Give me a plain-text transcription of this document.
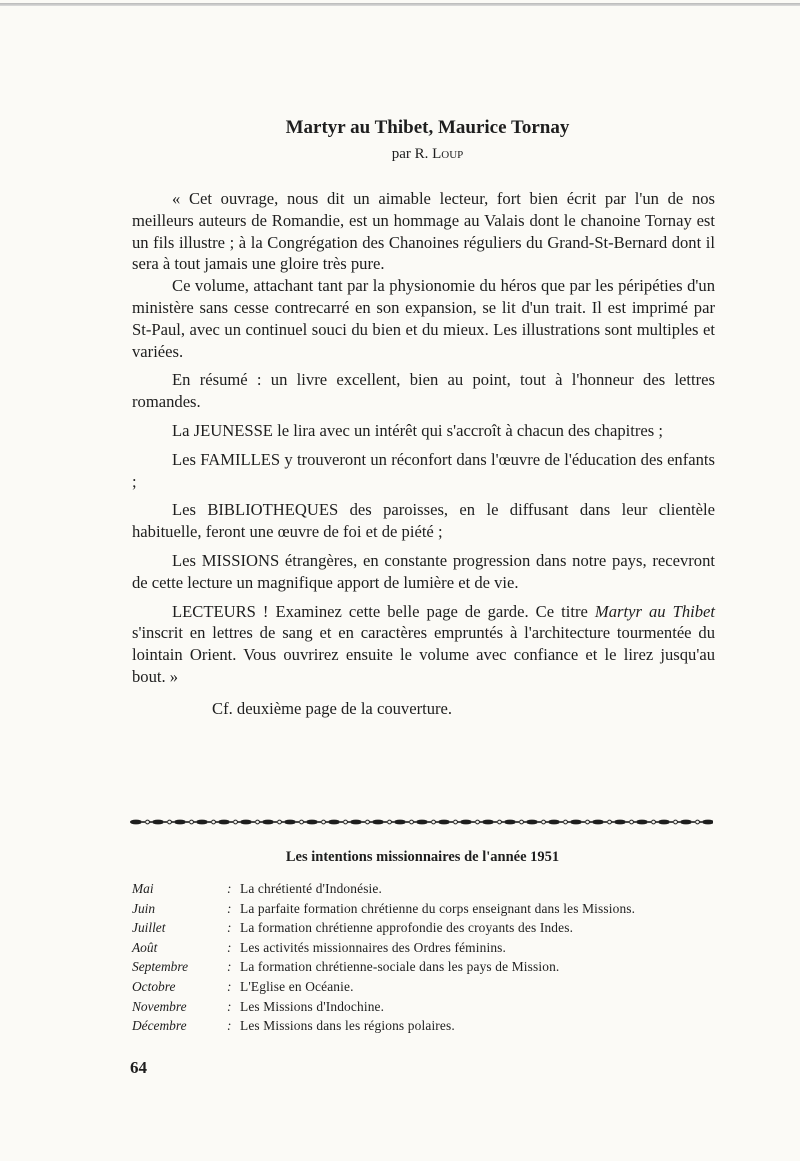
Martyr au Thibet, Maurice Tornay
par R. Loup

« Cet ouvrage, nous dit un aimable lecteur, fort bien écrit par l'un de nos meilleurs auteurs de Romandie, est un hommage au Valais dont le chanoine Tornay est un fils illustre ; à la Congrégation des Chanoines réguliers du Grand-St-Bernard dont il sera à tout jamais une gloire très pure.

Ce volume, attachant tant par la physionomie du héros que par les péripéties d'un ministère sans cesse contrecarré en son expansion, se lit d'un trait. Il est imprimé par St-Paul, avec un continuel souci du bien et du mieux. Les illustrations sont multiples et variées.

En résumé : un livre excellent, bien au point, tout à l'honneur des lettres romandes.

La JEUNESSE le lira avec un intérêt qui s'accroît à chacun des chapitres ;

Les FAMILLES y trouveront un réconfort dans l'œuvre de l'éducation des enfants ;

Les BIBLIOTHEQUES des paroisses, en le diffusant dans leur clientèle habituelle, feront une œuvre de foi et de piété ;

Les MISSIONS étrangères, en constante progression dans notre pays, recevront de cette lecture un magnifique apport de lumière et de vie.

LECTEURS ! Examinez cette belle page de garde. Ce titre Martyr au Thibet s'inscrit en lettres de sang et en caractères empruntés à l'architecture tourmentée du lointain Orient. Vous ouvrirez ensuite le volume avec confiance et le lirez jusqu'au bout. »

Cf. deuxième page de la couverture.

Les intentions missionnaires de l'année 1951
Mai	: La chrétienté d'Indonésie.
Juin	: La parfaite formation chrétienne du corps enseignant dans les Missions.
Juillet	: La formation chrétienne approfondie des croyants des Indes.
Août	: Les activités missionnaires des Ordres féminins.
Septembre	: La formation chrétienne-sociale dans les pays de Mission.
Octobre	: L'Eglise en Océanie.
Novembre	: Les Missions d'Indochine.
Décembre	: Les Missions dans les régions polaires.
64
